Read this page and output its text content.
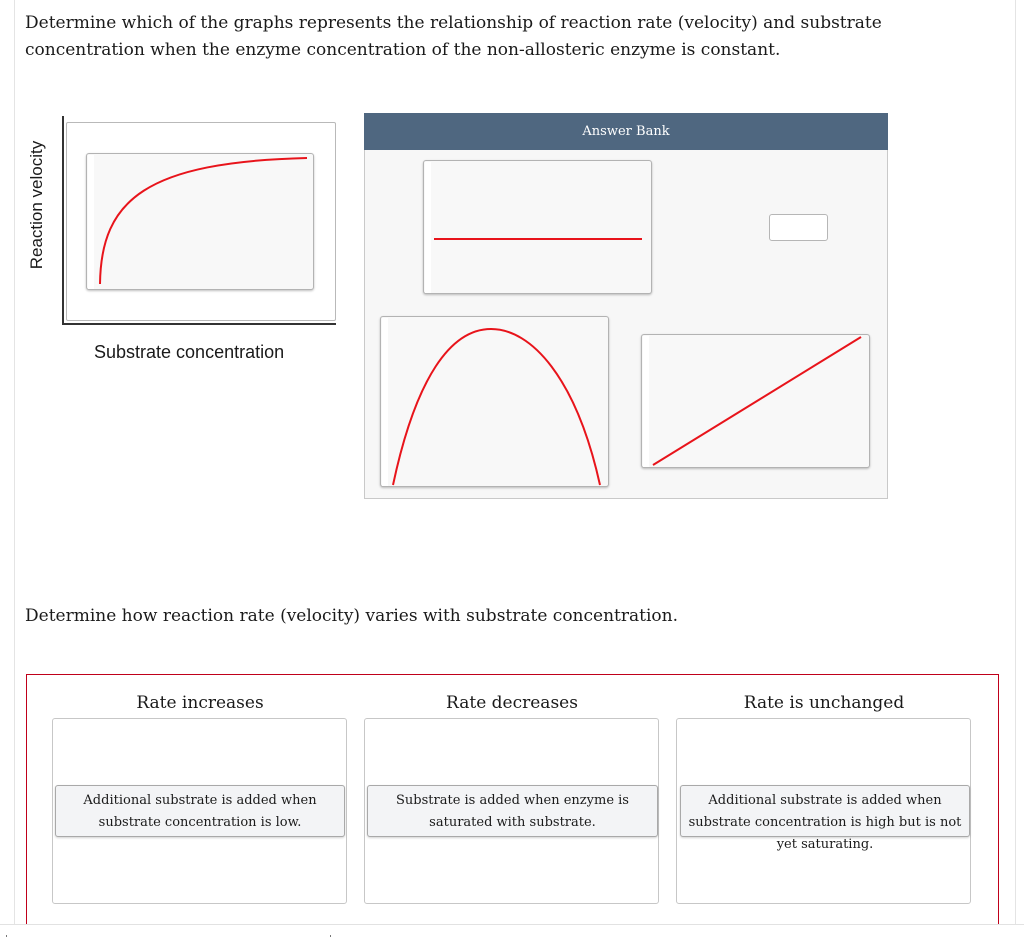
Determine which of the graphs represents the relationship of reaction rate (velocity) and substrate concentration when the enzyme concentration of the non-allosteric enzyme is constant.
Reaction velocity
Substrate concentration
Answer Bank
Determine how reaction rate (velocity) varies with substrate concentration.
Rate increases	Rate decreases	Rate is unchanged
Additional substrate is added when substrate concentration is low.
Substrate is added when enzyme is saturated with substrate.
Additional substrate is added when substrate concentration is high but is not yet saturating.
